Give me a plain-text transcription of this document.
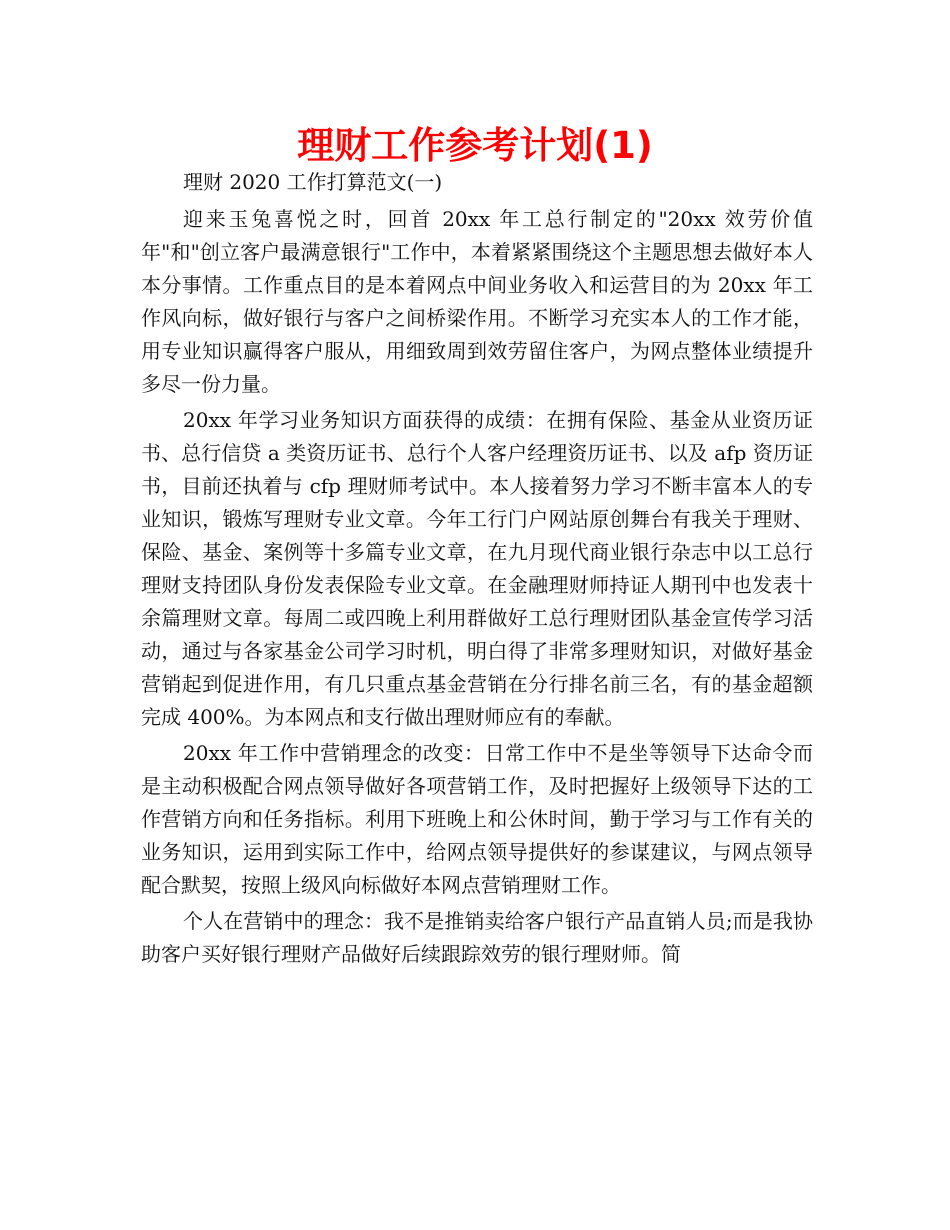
理财工作参考计划(1)

理财 2020 工作打算范文(一)

迎来玉兔喜悦之时，回首 20xx 年工总行制定的"20xx 效劳价值年"和"创立客户最满意银行"工作中，本着紧紧围绕这个主题思想去做好本人本分事情。工作重点目的是本着网点中间业务收入和运营目的为 20xx 年工作风向标，做好银行与客户之间桥梁作用。不断学习充实本人的工作才能，用专业知识赢得客户服从，用细致周到效劳留住客户，为网点整体业绩提升多尽一份力量。

20xx 年学习业务知识方面获得的成绩：在拥有保险、基金从业资历证书、总行信贷 a 类资历证书、总行个人客户经理资历证书、以及 afp 资历证书，目前还执着与 cfp 理财师考试中。本人接着努力学习不断丰富本人的专业知识，锻炼写理财专业文章。今年工行门户网站原创舞台有我关于理财、保险、基金、案例等十多篇专业文章，在九月现代商业银行杂志中以工总行理财支持团队身份发表保险专业文章。在金融理财师持证人期刊中也发表十余篇理财文章。每周二或四晚上利用群做好工总行理财团队基金宣传学习活动，通过与各家基金公司学习时机，明白得了非常多理财知识，对做好基金营销起到促进作用，有几只重点基金营销在分行排名前三名，有的基金超额完成 400%。为本网点和支行做出理财师应有的奉献。

20xx 年工作中营销理念的改变：日常工作中不是坐等领导下达命令而是主动积极配合网点领导做好各项营销工作，及时把握好上级领导下达的工作营销方向和任务指标。利用下班晚上和公休时间，勤于学习与工作有关的业务知识，运用到实际工作中，给网点领导提供好的参谋建议，与网点领导配合默契，按照上级风向标做好本网点营销理财工作。

个人在营销中的理念：我不是推销卖给客户银行产品直销人员;而是我协助客户买好银行理财产品做好后续跟踪效劳的银行理财师。简
